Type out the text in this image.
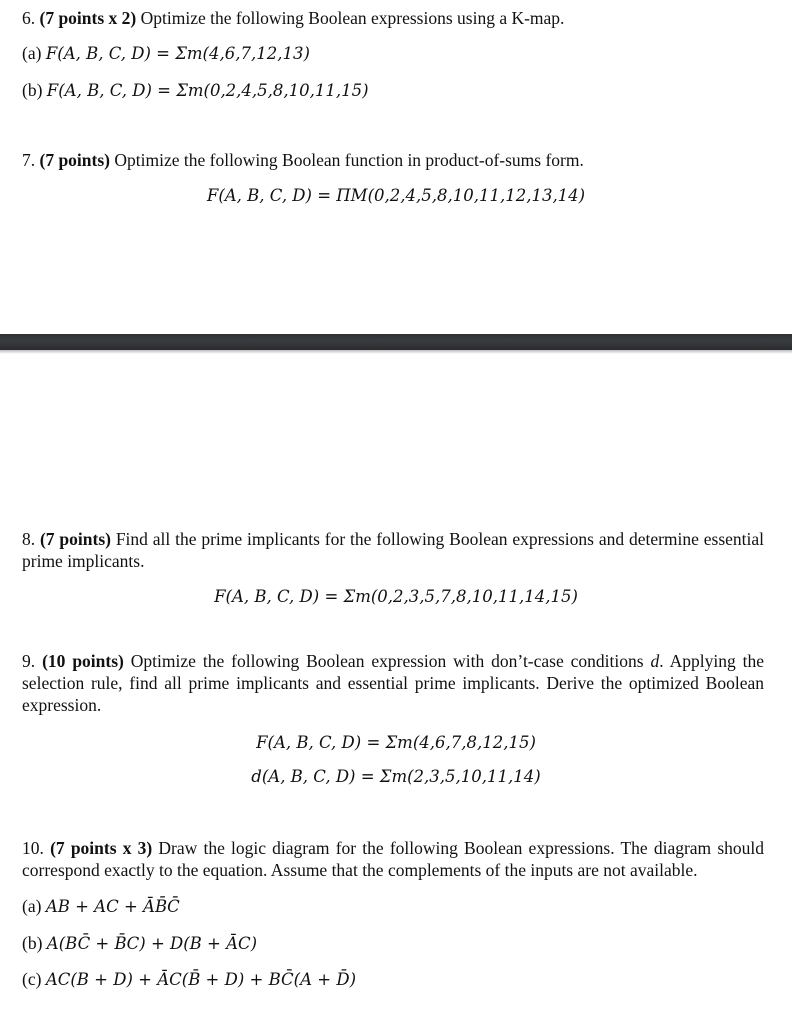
6. (7 points x 2) Optimize the following Boolean expressions using a K-map.
(a) F(A, B, C, D) = Σm(4,6,7,12,13)
(b) F(A, B, C, D) = Σm(0,2,4,5,8,10,11,15)
7. (7 points) Optimize the following Boolean function in product-of-sums form.
F(A, B, C, D) = ΠM(0,2,4,5,8,10,11,12,13,14)
8. (7 points) Find all the prime implicants for the following Boolean expressions and determine essential prime implicants.
F(A, B, C, D) = Σm(0,2,3,5,7,8,10,11,14,15)
9. (10 points) Optimize the following Boolean expression with don’t-case conditions d. Applying the selection rule, find all prime implicants and essential prime implicants. Derive the optimized Boolean expression.
F(A, B, C, D) = Σm(4,6,7,8,12,15)
d(A, B, C, D) = Σm(2,3,5,10,11,14)
10. (7 points x 3) Draw the logic diagram for the following Boolean expressions. The diagram should correspond exactly to the equation. Assume that the complements of the inputs are not available.
(a) AB + AC + ĀB̄C̄
(b) A(BC̄ + B̄C) + D(B + ĀC)
(c) AC(B + D) + ĀC(B̄ + D) + BC̄(A + D̄)
